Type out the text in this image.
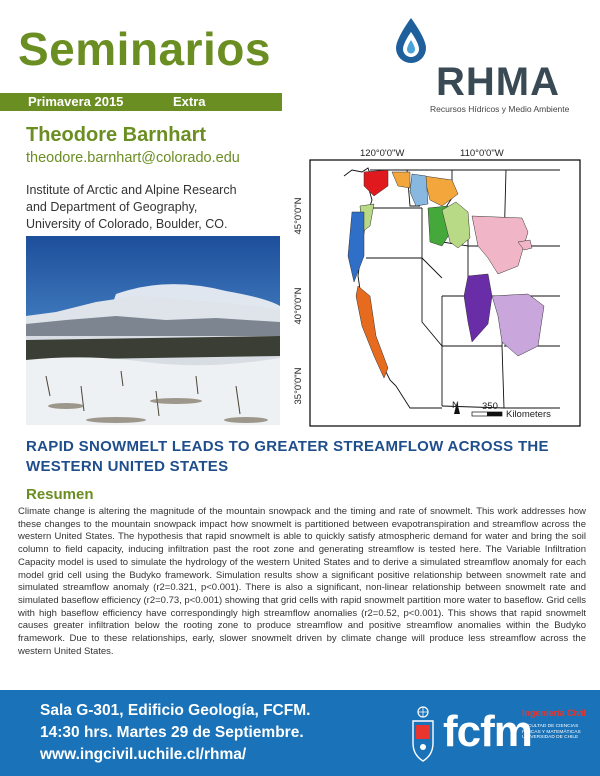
Seminarios
Primavera 2015	Extra	RHMA
Recursos Hídricos y Medio Ambiente
Theodore Barnhart
theodore.barnhart@colorado.edu
Institute of Arctic and Alpine Research
and Department of Geography,
University of Colorado, Boulder, CO.
120°0'0"W	110°0'0"W
45°0'0"N
40°0'0"N
35°0'0"N
N 350
Kilometers
RAPID SNOWMELT LEADS TO GREATER STREAMFLOW ACROSS THE WESTERN UNITED STATES
Resumen
Climate change is altering the magnitude of the mountain snowpack and the timing and rate of snowmelt. This work addresses how these changes to the mountain snowpack impact how snowmelt is partitioned between evapotranspiration and streamflow across the western United States. The hypothesis that rapid snowmelt is able to quickly satisfy atmospheric demand for water and bring the soil column to field capacity, inducing infiltration past the root zone and generating streamflow is tested here. The Variable Infiltration Capacity model is used to simulate the hydrology of the western United States and to derive a simulated streamflow anomaly for each model grid cell using the Budyko framework. Simulation results show a significant positive relationship between snowmelt rate and simulated streamflow anomaly (r2=0.321, p<0.001). There is also a significant, non-linear relationship between snowmelt rate and simulated baseflow efficiency (r2=0.73, p<0.001) showing that grid cells with rapid snowmelt partition more water to baseflow. Grid cells with high baseflow efficiency have correspondingly high streamflow anomalies (r2=0.52, p<0.001). This shows that rapid snowmelt causes greater infiltration below the rooting zone to produce streamflow and positive streamflow anomalies within the Budyko framework. Due to these relationships, early, slower snowmelt driven by climate change will produce less streamflow across the western United States.
Sala G-301, Edificio Geología, FCFM.
14:30 hrs. Martes 29 de Septiembre.
www.ingcivil.uchile.cl/rhma/	fcfm
Ingeniería Civil
FACULTAD DE CIENCIAS
FÍSICAS Y MATEMÁTICAS
UNIVERSIDAD DE CHILE
